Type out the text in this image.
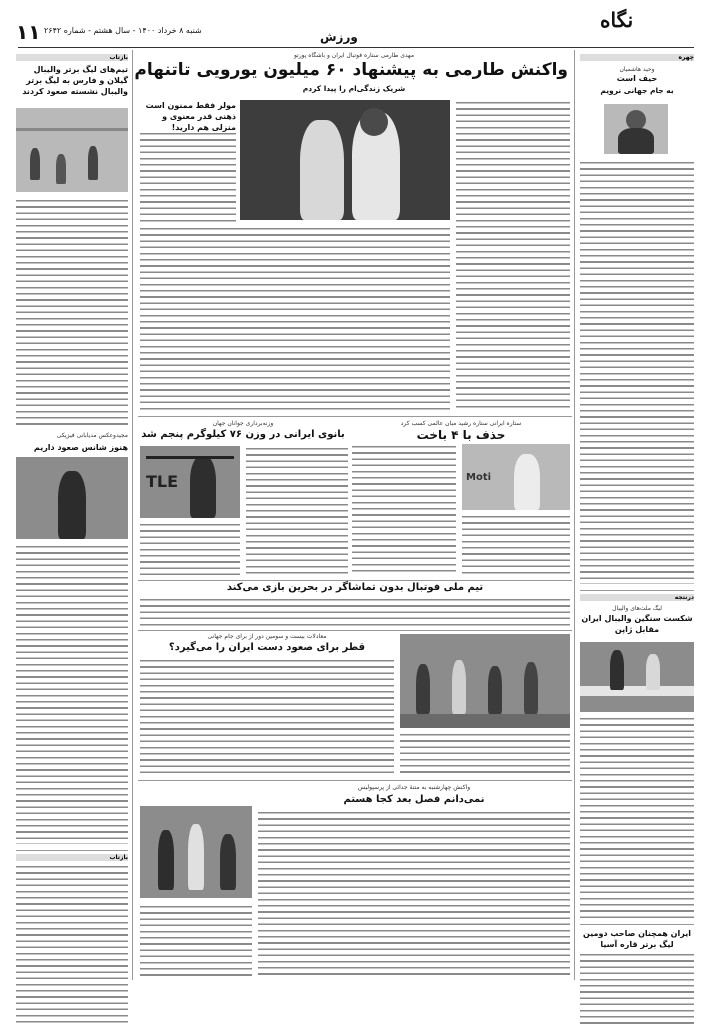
۱۱ شنبه ۸ خرداد ۱۴۰۰ - سال هشتم - شماره ۲۶۴۲	ورزش
نگاه
بازتاب
تیم‌های لیگ برتر والیبال گیلان و فارس به لیگ برتر والیبال نشسته صعود کردند
مجیدوعکس مدیابانی فیزیکی
هنوز شانس صعود داریم
بازتاب
مهدی طارمی ستاره فوتبال ایران و باشگاه پورتو
واکنش طارمی به پیشنهاد ۶۰ میلیون یورویی تاتنهام
شریک زندگی‌ام را پیدا کردم
مولر فقط ممنون است ذهنی قدر معنوی و منزلی هم دارید!
ستاره ایرانی ستاره رشید میان عالمی کسب کرد
حذف با ۴ باخت
Moti
وزنه‌برداری جوانان جهان
بانوی ایرانی در وزن ۷۶ کیلوگرم پنجم شد
TLE
تیم ملی فوتبال بدون تماشاگر در بحرین بازی می‌کند
معادلات بیست و سومین دور از برای جام جهانی
قطر برای صعود دست ایران را می‌گیرد؟
واکنش چهارشنبه به متنهٔ جدائی از پرسپولیس
نمی‌دانم فصل بعد کجا هستم
چهره
وحید هاشمیان
حیف است
به جام جهانی نرویم
درنتجه
لیگ ملت‌های والیبال
شکست سنگین والیبال ایران مقابل ژاپن
ایران همچنان صاحب دومین لیگ برتر قاره آسیا
